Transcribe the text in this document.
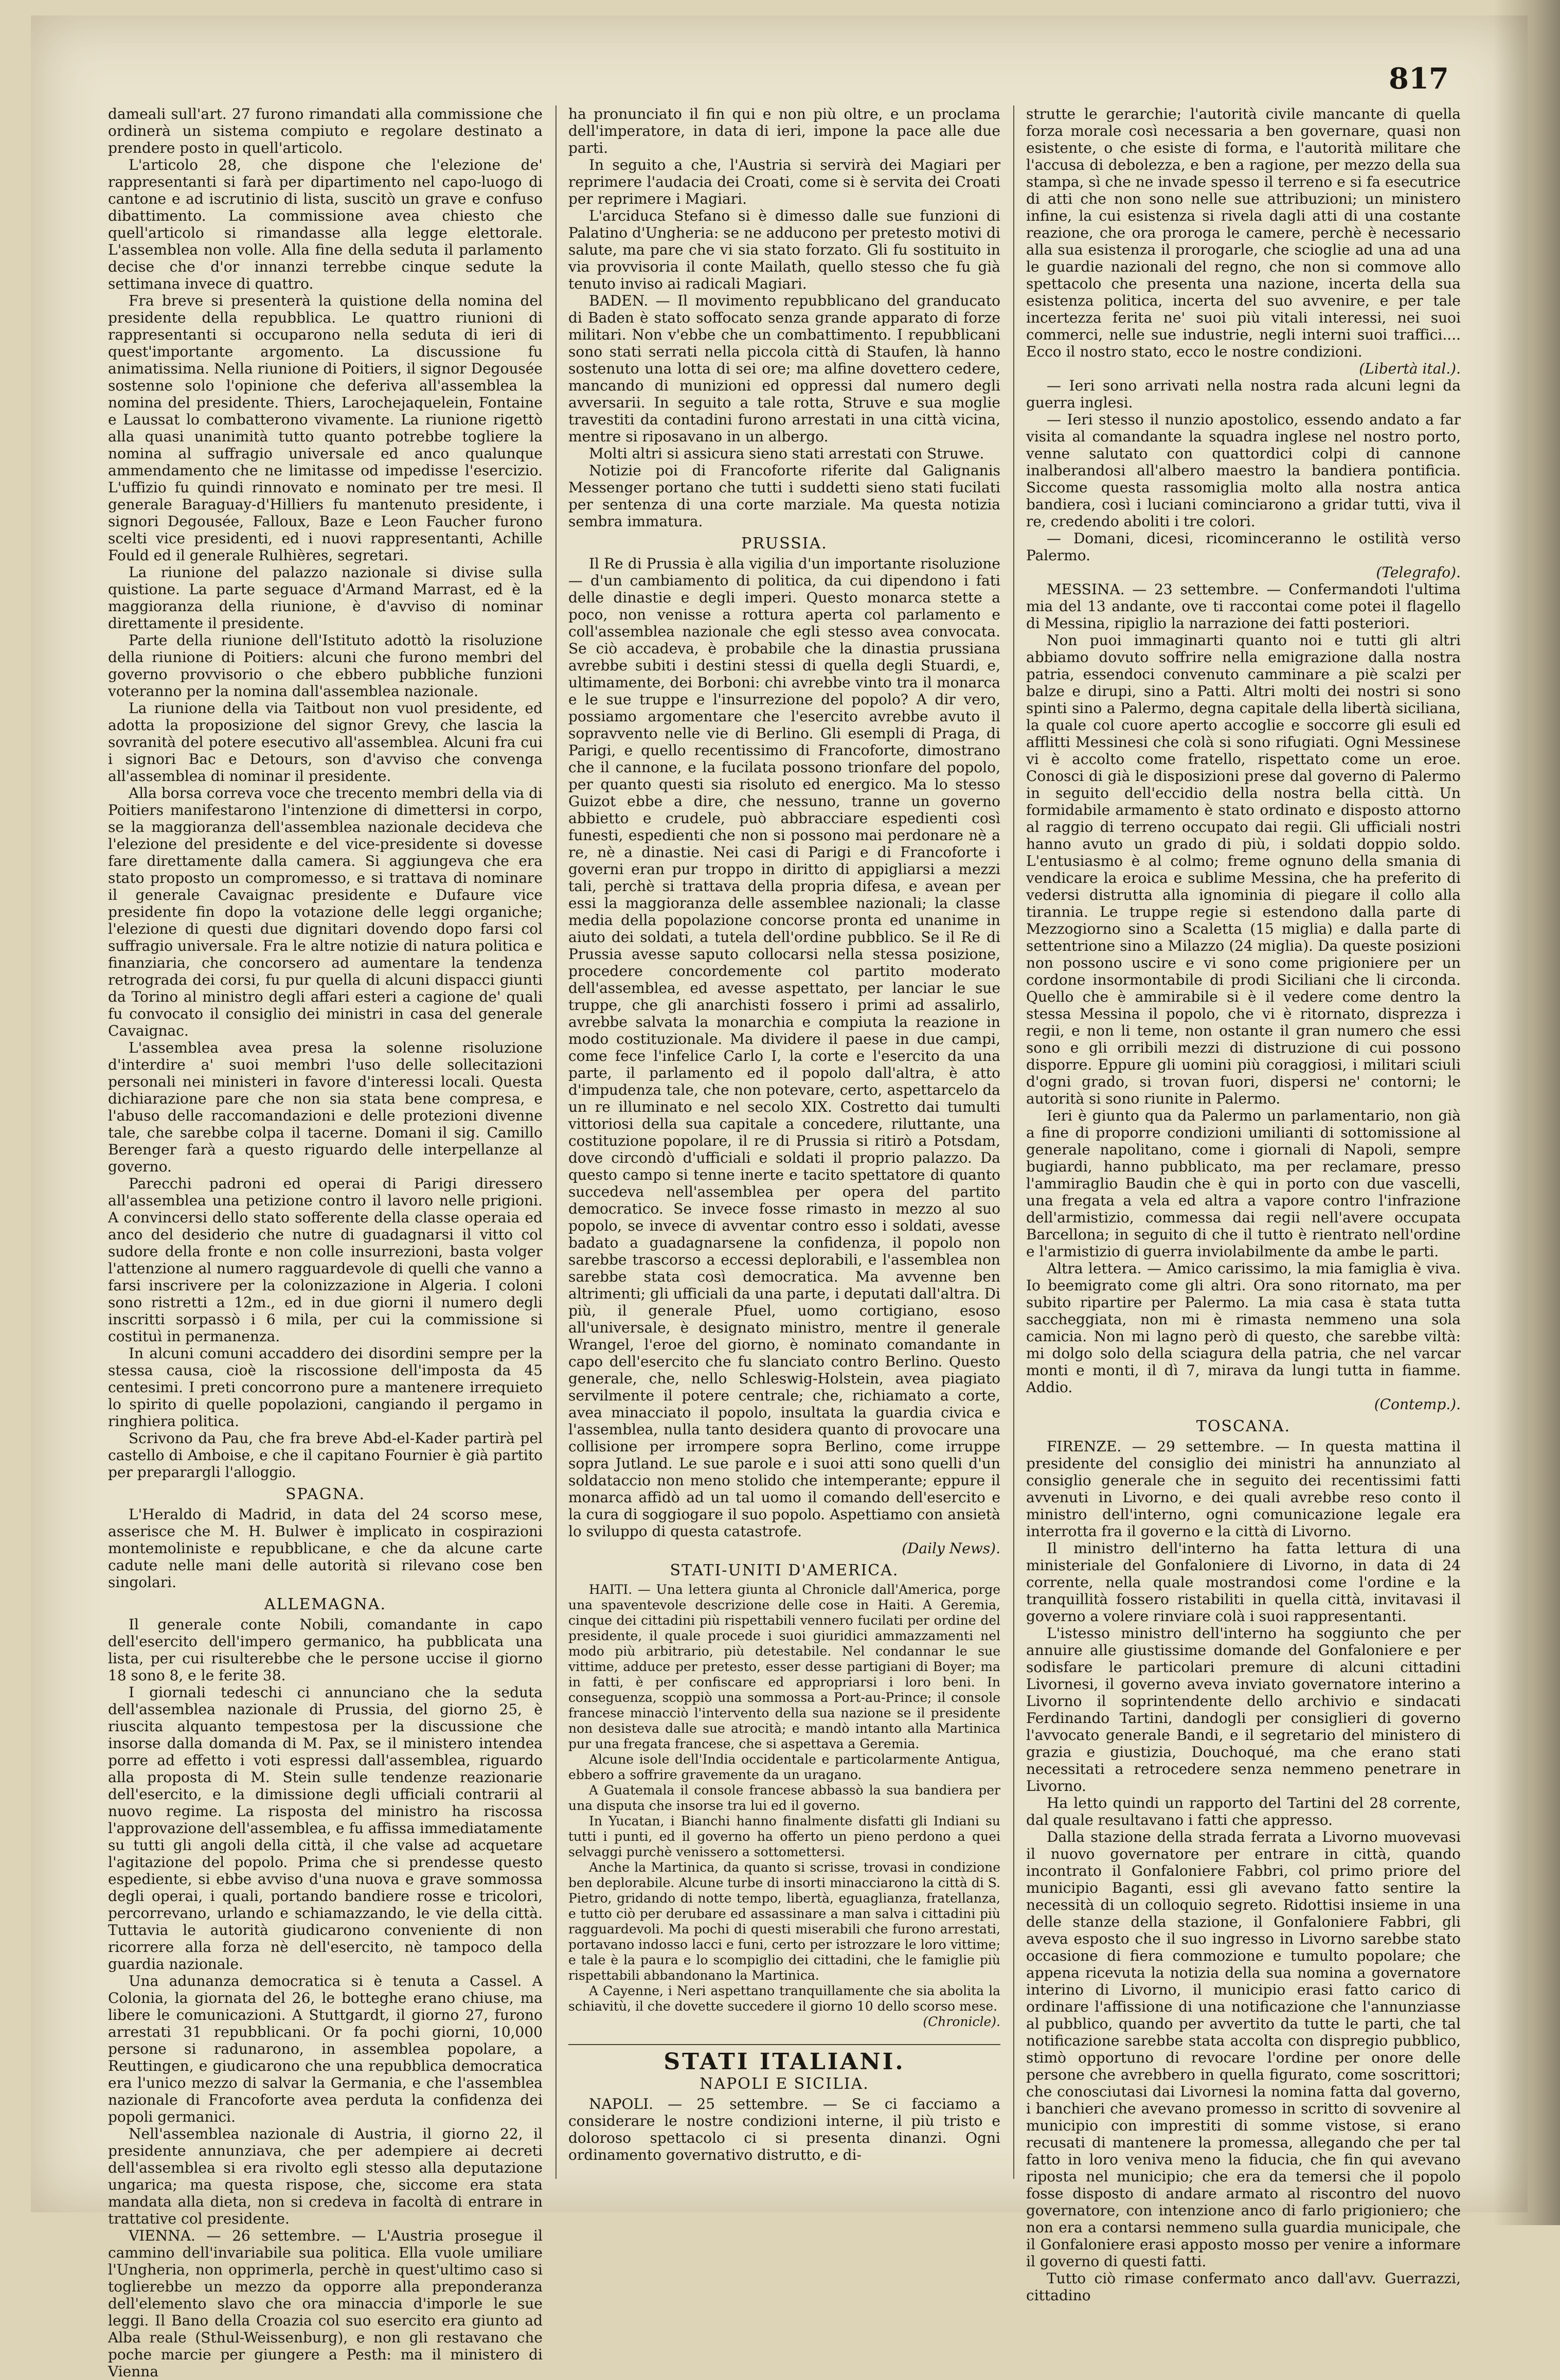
817

dameali sull'art. 27 furono rimandati alla commissione che ordinerà un sistema compiuto e regolare destinato a prendere posto in quell'articolo.

L'articolo 28, che dispone che l'elezione de' rappresentanti si farà per dipartimento nel capo-luogo di cantone e ad iscrutinio di lista, suscitò un grave e confuso dibattimento. La commissione avea chiesto che quell'articolo si rimandasse alla legge elettorale. L'assemblea non volle. Alla fine della seduta il parlamento decise che d'or innanzi terrebbe cinque sedute la settimana invece di quattro.

Fra breve si presenterà la quistione della nomina del presidente della repubblica. Le quattro riunioni di rappresentanti si occuparono nella seduta di ieri di quest'importante argomento. La discussione fu animatissima. Nella riunione di Poitiers, il signor Degousée sostenne solo l'opinione che deferiva all'assemblea la nomina del presidente. Thiers, Larochejaquelein, Fontaine e Laussat lo combatterono vivamente. La riunione rigettò alla quasi unanimità tutto quanto potrebbe togliere la nomina al suffragio universale ed anco qualunque ammendamento che ne limitasse od impedisse l'esercizio. L'uffizio fu quindi rinnovato e nominato per tre mesi. Il generale Baraguay-d'Hilliers fu mantenuto presidente, i signori Degousée, Falloux, Baze e Leon Faucher furono scelti vice presidenti, ed i nuovi rappresentanti, Achille Fould ed il generale Rulhières, segretari.

La riunione del palazzo nazionale si divise sulla quistione. La parte seguace d'Armand Marrast, ed è la maggioranza della riunione, è d'avviso di nominar direttamente il presidente.

Parte della riunione dell'Istituto adottò la risoluzione della riunione di Poitiers: alcuni che furono membri del governo provvisorio o che ebbero pubbliche funzioni voteranno per la nomina dall'assemblea nazionale.

La riunione della via Taitbout non vuol presidente, ed adotta la proposizione del signor Grevy, che lascia la sovranità del potere esecutivo all'assemblea. Alcuni fra cui i signori Bac e Detours, son d'avviso che convenga all'assemblea di nominar il presidente.

Alla borsa correva voce che trecento membri della via di Poitiers manifestarono l'intenzione di dimettersi in corpo, se la maggioranza dell'assemblea nazionale decideva che l'elezione del presidente e del vice-presidente si dovesse fare direttamente dalla camera. Si aggiungeva che era stato proposto un compromesso, e si trattava di nominare il generale Cavaignac presidente e Dufaure vice presidente fin dopo la votazione delle leggi organiche; l'elezione di questi due dignitari dovendo dopo farsi col suffragio universale. Fra le altre notizie di natura politica e finanziaria, che concorsero ad aumentare la tendenza retrograda dei corsi, fu pur quella di alcuni dispacci giunti da Torino al ministro degli affari esteri a cagione de' quali fu convocato il consiglio dei ministri in casa del generale Cavaignac.

L'assemblea avea presa la solenne risoluzione d'interdire a' suoi membri l'uso delle sollecitazioni personali nei ministeri in favore d'interessi locali. Questa dichiarazione pare che non sia stata bene compresa, e l'abuso delle raccomandazioni e delle protezioni divenne tale, che sarebbe colpa il tacerne. Domani il sig. Camillo Berenger farà a questo riguardo delle interpellanze al governo.

Parecchi padroni ed operai di Parigi diressero all'assemblea una petizione contro il lavoro nelle prigioni. A convincersi dello stato sofferente della classe operaia ed anco del desiderio che nutre di guadagnarsi il vitto col sudore della fronte e non colle insurrezioni, basta volger l'attenzione al numero ragguardevole di quelli che vanno a farsi inscrivere per la colonizzazione in Algeria. I coloni sono ristretti a 12m., ed in due giorni il numero degli inscritti sorpassò i 6 mila, per cui la commissione si costituì in permanenza.

In alcuni comuni accaddero dei disordini sempre per la stessa causa, cioè la riscossione dell'imposta da 45 centesimi. I preti concorrono pure a mantenere irrequieto lo spirito di quelle popolazioni, cangiando il pergamo in ringhiera politica.

Scrivono da Pau, che fra breve Abd-el-Kader partirà pel castello di Amboise, e che il capitano Fournier è già partito per preparargli l'alloggio.

SPAGNA.

L'Heraldo di Madrid, in data del 24 scorso mese, asserisce che M. H. Bulwer è implicato in cospirazioni montemoliniste e repubblicane, e che da alcune carte cadute nelle mani delle autorità si rilevano cose ben singolari.

ALLEMAGNA.

Il generale conte Nobili, comandante in capo dell'esercito dell'impero germanico, ha pubblicata una lista, per cui risulterebbe che le persone uccise il giorno 18 sono 8, e le ferite 38.

I giornali tedeschi ci annunciano che la seduta dell'assemblea nazionale di Prussia, del giorno 25, è riuscita alquanto tempestosa per la discussione che insorse dalla domanda di M. Pax, se il ministero intendea porre ad effetto i voti espressi dall'assemblea, riguardo alla proposta di M. Stein sulle tendenze reazionarie dell'esercito, e la dimissione degli ufficiali contrarii al nuovo regime. La risposta del ministro ha riscossa l'approvazione dell'assemblea, e fu affissa immediatamente su tutti gli angoli della città, il che valse ad acquetare l'agitazione del popolo. Prima che si prendesse questo espediente, si ebbe avviso d'una nuova e grave sommossa degli operai, i quali, portando bandiere rosse e tricolori, percorrevano, urlando e schiamazzando, le vie della città. Tuttavia le autorità giudicarono conveniente di non ricorrere alla forza nè dell'esercito, nè tampoco della guardia nazionale.

Una adunanza democratica si è tenuta a Cassel. A Colonia, la giornata del 26, le botteghe erano chiuse, ma libere le comunicazioni. A Stuttgardt, il giorno 27, furono arrestati 31 repubblicani. Or fa pochi giorni, 10,000 persone si radunarono, in assemblea popolare, a Reuttingen, e giudicarono che una repubblica democratica era l'unico mezzo di salvar la Germania, e che l'assemblea nazionale di Francoforte avea perduta la confidenza dei popoli germanici.

Nell'assemblea nazionale di Austria, il giorno 22, il presidente annunziava, che per adempiere ai decreti dell'assemblea si era rivolto egli stesso alla deputazione ungarica; ma questa rispose, che, siccome era stata mandata alla dieta, non si credeva in facoltà di entrare in trattative col presidente.

VIENNA. — 26 settembre. — L'Austria prosegue il cammino dell'invariabile sua politica. Ella vuole umiliare l'Ungheria, non opprimerla, perchè in quest'ultimo caso si toglierebbe un mezzo da opporre alla preponderanza dell'elemento slavo che ora minaccia d'imporle le sue leggi. Il Bano della Croazia col suo esercito era giunto ad Alba reale (Sthul-Weissenburg), e non gli restavano che poche marcie per giungere a Pesth: ma il ministero di Vienna

ha pronunciato il fin qui e non più oltre, e un proclama dell'imperatore, in data di ieri, impone la pace alle due parti.

In seguito a che, l'Austria si servirà dei Magiari per reprimere l'audacia dei Croati, come si è servita dei Croati per reprimere i Magiari.

L'arciduca Stefano si è dimesso dalle sue funzioni di Palatino d'Ungheria: se ne adducono per pretesto motivi di salute, ma pare che vi sia stato forzato. Gli fu sostituito in via provvisoria il conte Mailath, quello stesso che fu già tenuto inviso ai radicali Magiari.

BADEN. — Il movimento repubblicano del granducato di Baden è stato soffocato senza grande apparato di forze militari. Non v'ebbe che un combattimento. I repubblicani sono stati serrati nella piccola città di Staufen, là hanno sostenuto una lotta di sei ore; ma alfine dovettero cedere, mancando di munizioni ed oppressi dal numero degli avversarii. In seguito a tale rotta, Struve e sua moglie travestiti da contadini furono arrestati in una città vicina, mentre si riposavano in un albergo.

Molti altri si assicura sieno stati arrestati con Struwe.

Notizie poi di Francoforte riferite dal Galignanis Messenger portano che tutti i suddetti sieno stati fucilati per sentenza di una corte marziale. Ma questa notizia sembra immatura.

PRUSSIA.

Il Re di Prussia è alla vigilia d'un importante risoluzione — d'un cambiamento di politica, da cui dipendono i fati delle dinastie e degli imperi. Questo monarca stette a poco, non venisse a rottura aperta col parlamento e coll'assemblea nazionale che egli stesso avea convocata. Se ciò accadeva, è probabile che la dinastia prussiana avrebbe subiti i destini stessi di quella degli Stuardi, e, ultimamente, dei Borboni: chi avrebbe vinto tra il monarca e le sue truppe e l'insurrezione del popolo? A dir vero, possiamo argomentare che l'esercito avrebbe avuto il sopravvento nelle vie di Berlino. Gli esempli di Praga, di Parigi, e quello recentissimo di Francoforte, dimostrano che il cannone, e la fucilata possono trionfare del popolo, per quanto questi sia risoluto ed energico. Ma lo stesso Guizot ebbe a dire, che nessuno, tranne un governo abbietto e crudele, può abbracciare espedienti così funesti, espedienti che non si possono mai perdonare nè a re, nè a dinastie. Nei casi di Parigi e di Francoforte i governi eran pur troppo in diritto di appigliarsi a mezzi tali, perchè si trattava della propria difesa, e avean per essi la maggioranza delle assemblee nazionali; la classe media della popolazione concorse pronta ed unanime in aiuto dei soldati, a tutela dell'ordine pubblico. Se il Re di Prussia avesse saputo collocarsi nella stessa posizione, procedere concordemente col partito moderato dell'assemblea, ed avesse aspettato, per lanciar le sue truppe, che gli anarchisti fossero i primi ad assalirlo, avrebbe salvata la monarchia e compiuta la reazione in modo costituzionale. Ma dividere il paese in due campi, come fece l'infelice Carlo I, la corte e l'esercito da una parte, il parlamento ed il popolo dall'altra, è atto d'impudenza tale, che non potevare, certo, aspettarcelo da un re illuminato e nel secolo XIX. Costretto dai tumulti vittoriosi della sua capitale a concedere, riluttante, una costituzione popolare, il re di Prussia si ritirò a Potsdam, dove circondò d'ufficiali e soldati il proprio palazzo. Da questo campo si tenne inerte e tacito spettatore di quanto succedeva nell'assemblea per opera del partito democratico. Se invece fosse rimasto in mezzo al suo popolo, se invece di avventar contro esso i soldati, avesse badato a guadagnarsene la confidenza, il popolo non sarebbe trascorso a eccessi deplorabili, e l'assemblea non sarebbe stata così democratica. Ma avvenne ben altrimenti; gli ufficiali da una parte, i deputati dall'altra. Di più, il generale Pfuel, uomo cortigiano, esoso all'universale, è designato ministro, mentre il generale Wrangel, l'eroe del giorno, è nominato comandante in capo dell'esercito che fu slanciato contro Berlino. Questo generale, che, nello Schleswig-Holstein, avea piagiato servilmente il potere centrale; che, richiamato a corte, avea minacciato il popolo, insultata la guardia civica e l'assemblea, nulla tanto desidera quanto di provocare una collisione per irrompere sopra Berlino, come irruppe sopra Jutland. Le sue parole e i suoi atti sono quelli d'un soldataccio non meno stolido che intemperante; eppure il monarca affidò ad un tal uomo il comando dell'esercito e la cura di soggiogare il suo popolo. Aspettiamo con ansietà lo sviluppo di questa catastrofe.

(Daily News).

STATI-UNITI D'AMERICA.

HAITI. — Una lettera giunta al Chronicle dall'America, porge una spaventevole descrizione delle cose in Haiti. A Geremia, cinque dei cittadini più rispettabili vennero fucilati per ordine del presidente, il quale procede i suoi giuridici ammazzamenti nel modo più arbitrario, più detestabile. Nel condannar le sue vittime, adduce per pretesto, esser desse partigiani di Boyer; ma in fatti, è per confiscare ed appropriarsi i loro beni. In conseguenza, scoppiò una sommossa a Port-au-Prince; il console francese minacciò l'intervento della sua nazione se il presidente non desisteva dalle sue atrocità; e mandò intanto alla Martinica pur una fregata francese, che si aspettava a Geremia.

Alcune isole dell'India occidentale e particolarmente Antigua, ebbero a soffrire gravemente da un uragano.

A Guatemala il console francese abbassò la sua bandiera per una disputa che insorse tra lui ed il governo.

In Yucatan, i Bianchi hanno finalmente disfatti gli Indiani su tutti i punti, ed il governo ha offerto un pieno perdono a quei selvaggi purchè venissero a sottomettersi.

Anche la Martinica, da quanto si scrisse, trovasi in condizione ben deplorabile. Alcune turbe di insorti minacciarono la città di S. Pietro, gridando di notte tempo, libertà, eguaglianza, fratellanza, e tutto ciò per derubare ed assassinare a man salva i cittadini più ragguardevoli. Ma pochi di questi miserabili che furono arrestati, portavano indosso lacci e funi, certo per istrozzare le loro vittime; e tale è la paura e lo scompiglio dei cittadini, che le famiglie più rispettabili abbandonano la Martinica.

A Cayenne, i Neri aspettano tranquillamente che sia abolita la schiavitù, il che dovette succedere il giorno 10 dello scorso mese.

(Chronicle).

STATI ITALIANI.
NAPOLI E SICILIA.

NAPOLI. — 25 settembre. — Se ci facciamo a considerare le nostre condizioni interne, il più tristo e doloroso spettacolo ci si presenta dinanzi. Ogni ordinamento governativo distrutto, e di-

strutte le gerarchie; l'autorità civile mancante di quella forza morale così necessaria a ben governare, quasi non esistente, o che esiste di forma, e l'autorità militare che l'accusa di debolezza, e ben a ragione, per mezzo della sua stampa, sì che ne invade spesso il terreno e si fa esecutrice di atti che non sono nelle sue attribuzioni; un ministero infine, la cui esistenza si rivela dagli atti di una costante reazione, che ora proroga le camere, perchè è necessario alla sua esistenza il prorogarle, che scioglie ad una ad una le guardie nazionali del regno, che non si commove allo spettacolo che presenta una nazione, incerta della sua esistenza politica, incerta del suo avvenire, e per tale incertezza ferita ne' suoi più vitali interessi, nei suoi commerci, nelle sue industrie, negli interni suoi traffici.... Ecco il nostro stato, ecco le nostre condizioni.

(Libertà ital.).

— Ieri sono arrivati nella nostra rada alcuni legni da guerra inglesi.

— Ieri stesso il nunzio apostolico, essendo andato a far visita al comandante la squadra inglese nel nostro porto, venne salutato con quattordici colpi di cannone inalberandosi all'albero maestro la bandiera pontificia. Siccome questa rassomiglia molto alla nostra antica bandiera, così i luciani cominciarono a gridar tutti, viva il re, credendo aboliti i tre colori.

— Domani, dicesi, ricominceranno le ostilità verso Palermo.

(Telegrafo).

MESSINA. — 23 settembre. — Confermandoti l'ultima mia del 13 andante, ove ti raccontai come potei il flagello di Messina, ripiglio la narrazione dei fatti posteriori.

Non puoi immaginarti quanto noi e tutti gli altri abbiamo dovuto soffrire nella emigrazione dalla nostra patria, essendoci convenuto camminare a piè scalzi per balze e dirupi, sino a Patti. Altri molti dei nostri si sono spinti sino a Palermo, degna capitale della libertà siciliana, la quale col cuore aperto accoglie e soccorre gli esuli ed afflitti Messinesi che colà si sono rifugiati. Ogni Messinese vi è accolto come fratello, rispettato come un eroe. Conosci di già le disposizioni prese dal governo di Palermo in seguito dell'eccidio della nostra bella città. Un formidabile armamento è stato ordinato e disposto attorno al raggio di terreno occupato dai regii. Gli ufficiali nostri hanno avuto un grado di più, i soldati doppio soldo. L'entusiasmo è al colmo; freme ognuno della smania di vendicare la eroica e sublime Messina, che ha preferito di vedersi distrutta alla ignominia di piegare il collo alla tirannia. Le truppe regie si estendono dalla parte di Mezzogiorno sino a Scaletta (15 miglia) e dalla parte di settentrione sino a Milazzo (24 miglia). Da queste posizioni non possono uscire e vi sono come prigioniere per un cordone insormontabile di prodi Siciliani che li circonda. Quello che è ammirabile si è il vedere come dentro la stessa Messina il popolo, che vi è ritornato, disprezza i regii, e non li teme, non ostante il gran numero che essi sono e gli orribili mezzi di distruzione di cui possono disporre. Eppure gli uomini più coraggiosi, i militari sciuli d'ogni grado, si trovan fuori, dispersi ne' contorni; le autorità si sono riunite in Palermo.

Ieri è giunto qua da Palermo un parlamentario, non già a fine di proporre condizioni umilianti di sottomissione al generale napolitano, come i giornali di Napoli, sempre bugiardi, hanno pubblicato, ma per reclamare, presso l'ammiraglio Baudin che è qui in porto con due vascelli, una fregata a vela ed altra a vapore contro l'infrazione dell'armistizio, commessa dai regii nell'avere occupata Barcellona; in seguito di che il tutto è rientrato nell'ordine e l'armistizio di guerra inviolabilmente da ambe le parti.

Altra lettera. — Amico carissimo, la mia famiglia è viva. Io beemigrato come gli altri. Ora sono ritornato, ma per subito ripartire per Palermo. La mia casa è stata tutta saccheggiata, non mi è rimasta nemmeno una sola camicia. Non mi lagno però di questo, che sarebbe viltà: mi dolgo solo della sciagura della patria, che nel varcar monti e monti, il dì 7, mirava da lungi tutta in fiamme. Addio.

(Contemp.).

TOSCANA.

FIRENZE. — 29 settembre. — In questa mattina il presidente del consiglio dei ministri ha annunziato al consiglio generale che in seguito dei recentissimi fatti avvenuti in Livorno, e dei quali avrebbe reso conto il ministro dell'interno, ogni comunicazione legale era interrotta fra il governo e la città di Livorno.

Il ministro dell'interno ha fatta lettura di una ministeriale del Gonfaloniere di Livorno, in data di 24 corrente, nella quale mostrandosi come l'ordine e la tranquillità fossero ristabiliti in quella città, invitavasi il governo a volere rinviare colà i suoi rappresentanti.

L'istesso ministro dell'interno ha soggiunto che per annuire alle giustissime domande del Gonfaloniere e per sodisfare le particolari premure di alcuni cittadini Livornesi, il governo aveva inviato governatore interino a Livorno il soprintendente dello archivio e sindacati Ferdinando Tartini, dandogli per consiglieri di governo l'avvocato generale Bandi, e il segretario del ministero di grazia e giustizia, Douchoqué, ma che erano stati necessitati a retrocedere senza nemmeno penetrare in Livorno.

Ha letto quindi un rapporto del Tartini del 28 corrente, dal quale resultavano i fatti che appresso.

Dalla stazione della strada ferrata a Livorno muovevasi il nuovo governatore per entrare in città, quando incontrato il Gonfaloniere Fabbri, col primo priore del municipio Baganti, essi gli avevano fatto sentire la necessità di un colloquio segreto. Ridottisi insieme in una delle stanze della stazione, il Gonfaloniere Fabbri, gli aveva esposto che il suo ingresso in Livorno sarebbe stato occasione di fiera commozione e tumulto popolare; che appena ricevuta la notizia della sua nomina a governatore interino di Livorno, il municipio erasi fatto carico di ordinare l'affissione di una notificazione che l'annunziasse al pubblico, quando per avvertito da tutte le parti, che tal notificazione sarebbe stata accolta con dispregio pubblico, stimò opportuno di revocare l'ordine per onore delle persone che avrebbero in quella figurato, come soscrittori; che conosciutasi dai Livornesi la nomina fatta dal governo, i banchieri che avevano promesso in scritto di sovvenire al municipio con imprestiti di somme vistose, si erano recusati di mantenere la promessa, allegando che per tal fatto in loro veniva meno la fiducia, che fin qui avevano riposta nel municipio; che era da temersi che il popolo fosse disposto di andare armato al riscontro del nuovo governatore, con intenzione anco di farlo prigioniero; che non era a contarsi nemmeno sulla guardia municipale, che il Gonfaloniere erasi apposto mosso per venire a informare il governo di questi fatti.

Tutto ciò rimase confermato anco dall'avv. Guerrazzi, cittadino
